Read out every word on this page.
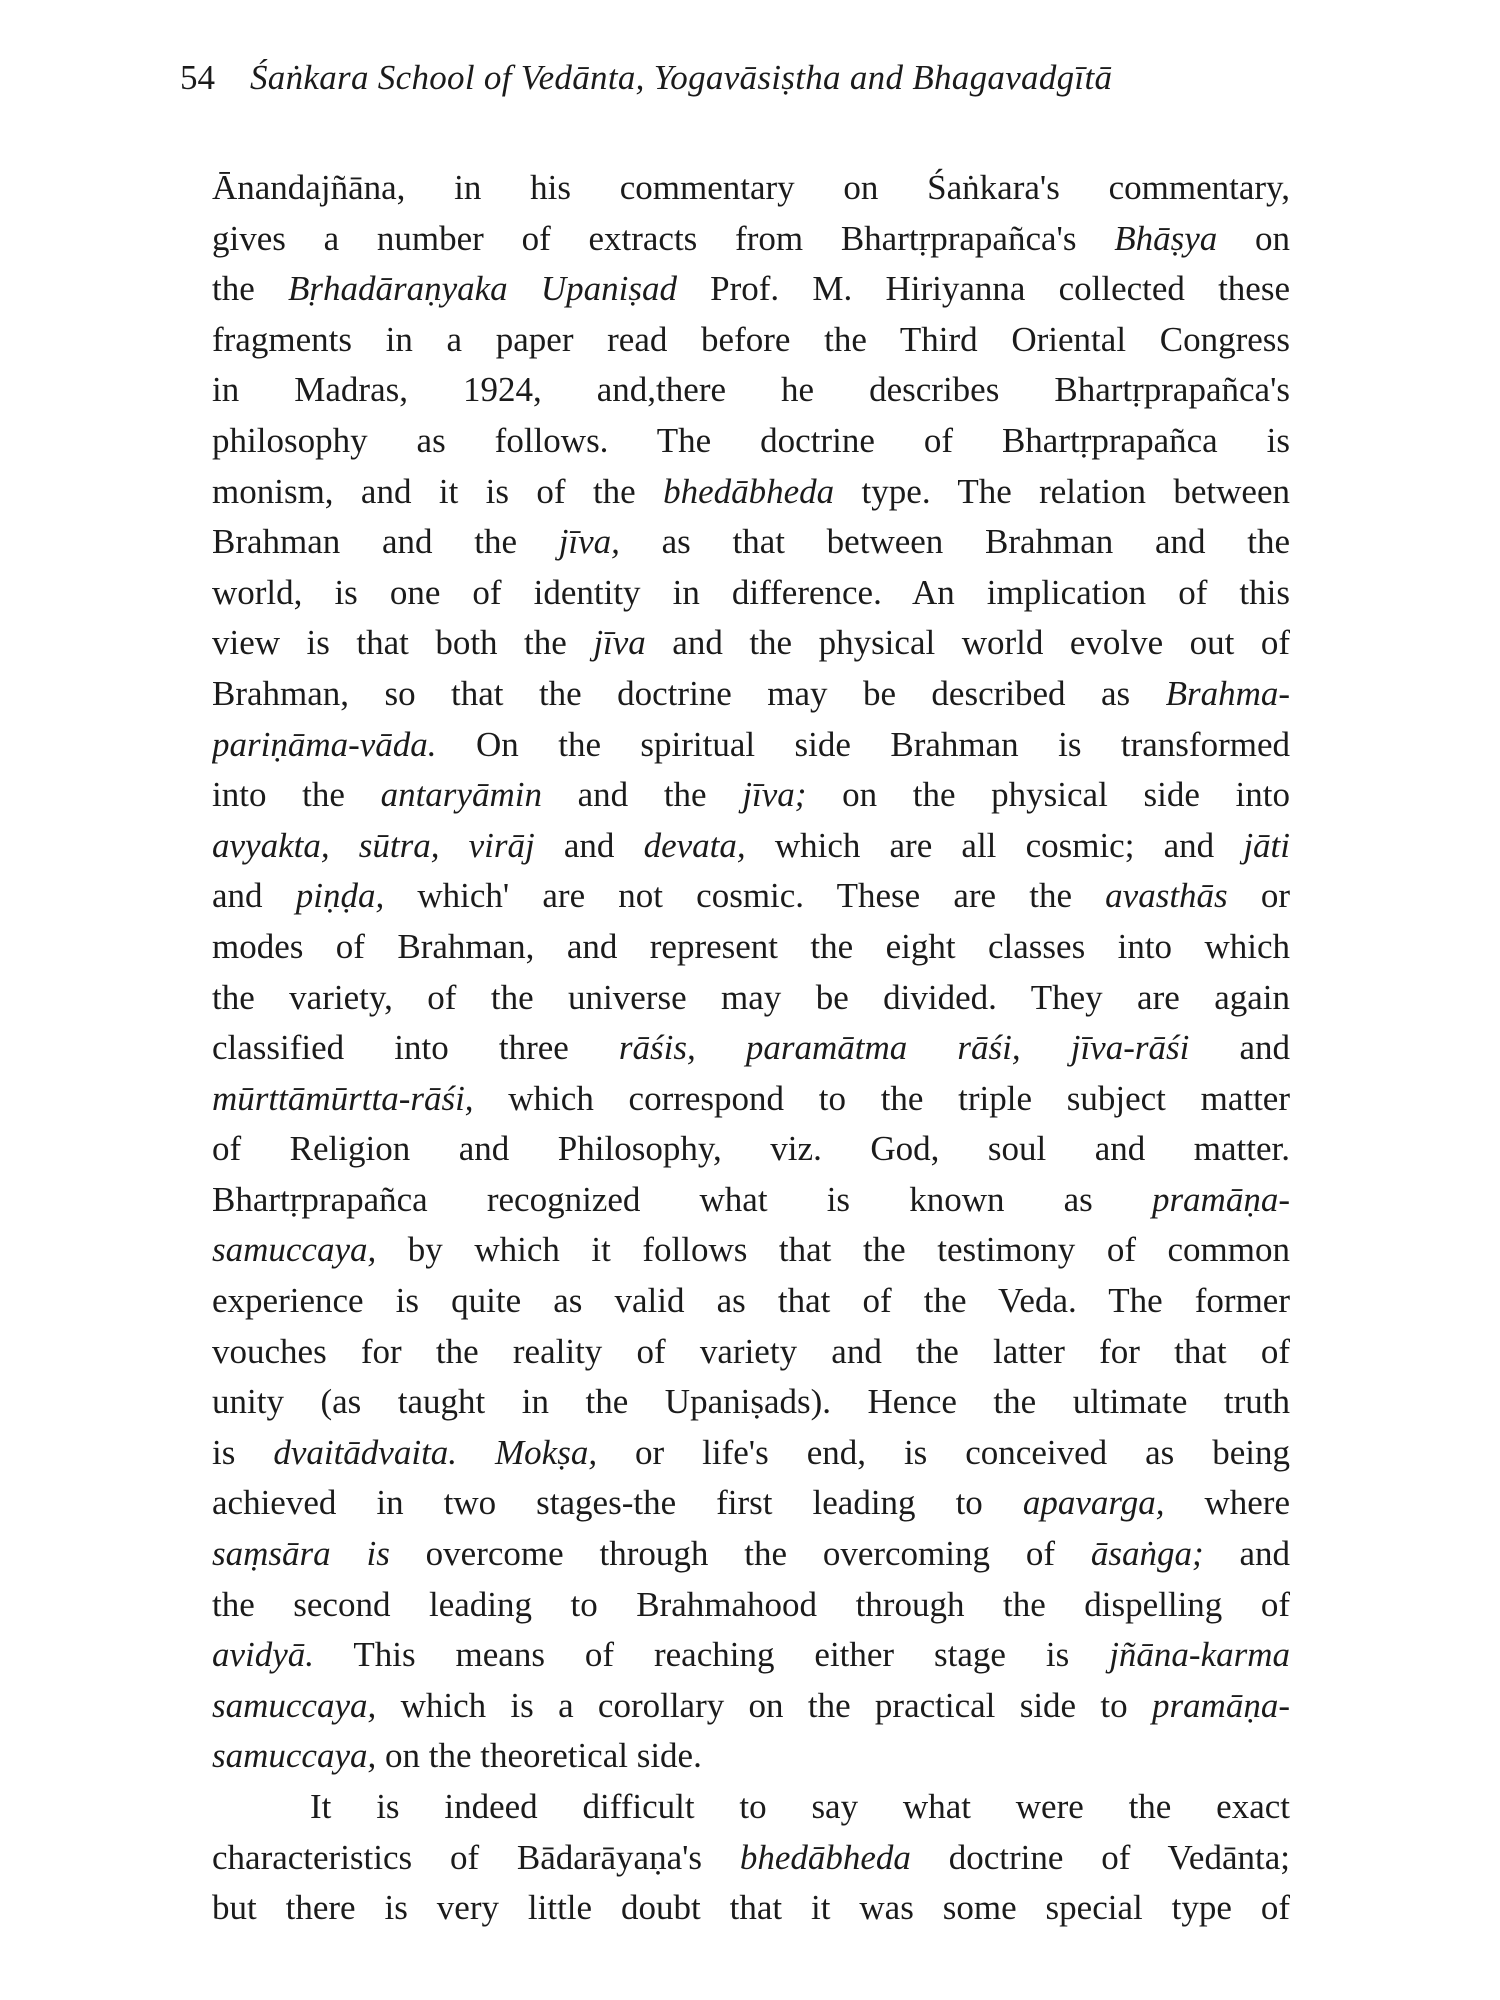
54 Śaṅkara School of Vedānta, Yogavāsiṣtha and Bhagavadgītā
Ānandajñāna, in his commentary on Śaṅkara's commentary,
gives a number of extracts from Bhartṛprapañca's Bhāṣya on
the Bṛhadāraṇyaka Upaniṣad Prof. M. Hiriyanna collected these
fragments in a paper read before the Third Oriental Congress
in Madras, 1924, and,there he describes Bhartṛprapañca's
philosophy as follows. The doctrine of Bhartṛprapañca is
monism, and it is of the bhedābheda type. The relation between
Brahman and the jīva, as that between Brahman and the
world, is one of identity in difference. An implication of this
view is that both the jīva and the physical world evolve out of
Brahman, so that the doctrine may be described as Brahma-
pariṇāma-vāda. On the spiritual side Brahman is transformed
into the antaryāmin and the jīva; on the physical side into
avyakta, sūtra, virāj and devata, which are all cosmic; and jāti
and piṇḍa, which' are not cosmic. These are the avasthās or
modes of Brahman, and represent the eight classes into which
the variety, of the universe may be divided. They are again
classified into three rāśis, paramātma rāśi, jīva-rāśi and
mūrttāmūrtta-rāśi, which correspond to the triple subject matter
of Religion and Philosophy, viz. God, soul and matter.
Bhartṛprapañca recognized what is known as pramāṇa-
samuccaya, by which it follows that the testimony of common
experience is quite as valid as that of the Veda. The former
vouches for the reality of variety and the latter for that of
unity (as taught in the Upaniṣads). Hence the ultimate truth
is dvaitādvaita. Mokṣa, or life's end, is conceived as being
achieved in two stages-the first leading to apavarga, where
saṃsāra is overcome through the overcoming of āsaṅga; and
the second leading to Brahmahood through the dispelling of
avidyā. This means of reaching either stage is jñāna-karma
samuccaya, which is a corollary on the practical side to pramāṇa-
samuccaya, on the theoretical side.
It is indeed difficult to say what were the exact
characteristics of Bādarāyaṇa's bhedābheda doctrine of Vedānta;
but there is very little doubt that it was some special type of
